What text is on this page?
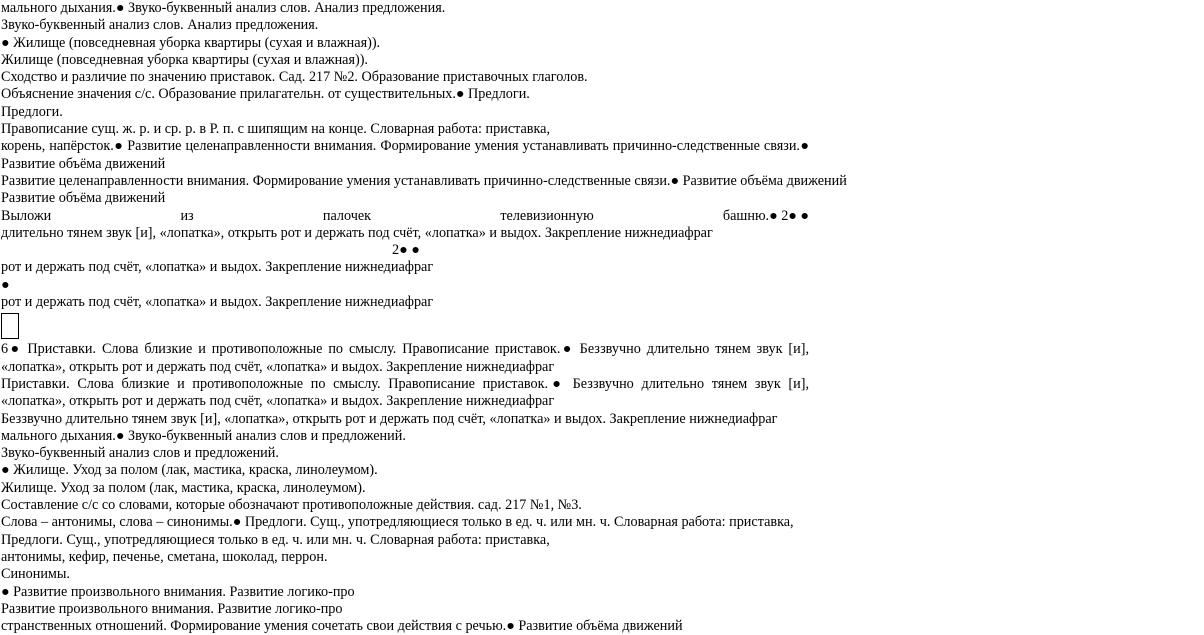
мального дыхания.● Звуко-буквенный анализ слов. Анализ предложения.
Звуко-буквенный анализ слов. Анализ предложения.
● Жилище (повседневная уборка квартиры (сухая и влажная)).
Жилище (повседневная уборка квартиры (сухая и влажная)).
Сходство и различие по значению приставок. Сад. 217 №2. Образование приставочных глаголов.
Объяснение значения с/с. Образование прилагательн. от существительных.● Предлоги.
Предлоги.
Правописание сущ. ж. р. и ср. р. в Р. п. с шипящим на конце. Словарная работа: приставка,
корень, напёрсток.● Развитие целенаправленности внимания. Формирование умения устанавливать причинно-следственные связи.● Развитие объёма движений
Развитие целенаправленности внимания. Формирование умения устанавливать причинно-следственные связи.● Развитие объёма движений
Развитие объёма движений
Выложи	из	палочек	телевизионную	башню.● 2● ●
длительно тянем звук [и], «лопатка», открыть рот и держать под счёт, «лопатка» и выдох. Закрепление нижнедиафраг
2● ●
рот и держать под счёт, «лопатка» и выдох. Закрепление нижнедиафраг
●
рот и держать под счёт, «лопатка» и выдох. Закрепление нижнедиафраг
6● Приставки. Слова близкие и противоположные по смыслу. Правописание приставок.● Беззвучно длительно тянем звук [и], «лопатка», открыть рот и держать под счёт, «лопатка» и выдох. Закрепление нижнедиафраг
Приставки. Слова близкие и противоположные по смыслу. Правописание приставок.● Беззвучно длительно тянем звук [и], «лопатка», открыть рот и держать под счёт, «лопатка» и выдох. Закрепление нижнедиафраг
Беззвучно длительно тянем звук [и], «лопатка», открыть рот и держать под счёт, «лопатка» и выдох. Закрепление нижнедиафраг
мального дыхания.● Звуко-буквенный анализ слов и предложений.
Звуко-буквенный анализ слов и предложений.
● Жилище. Уход за полом (лак, мастика, краска, линолеумом).
Жилище. Уход за полом (лак, мастика, краска, линолеумом).
Составление с/с со словами, которые обозначают противоположные действия. сад. 217 №1, №3.
Слова – антонимы, слова – синонимы.● Предлоги. Сущ., употредляющиеся только в ед. ч. или мн. ч. Словарная работа: приставка,
Предлоги. Сущ., употредляющиеся только в ед. ч. или мн. ч. Словарная работа: приставка,
антонимы, кефир, печенье, сметана, шоколад, перрон.
Синонимы.
● Развитие произвольного внимания. Развитие логико-про
Развитие произвольного внимания. Развитие логико-про
странственных отношений. Формирование умения сочетать свои действия с речью.● Развитие объёма движений
